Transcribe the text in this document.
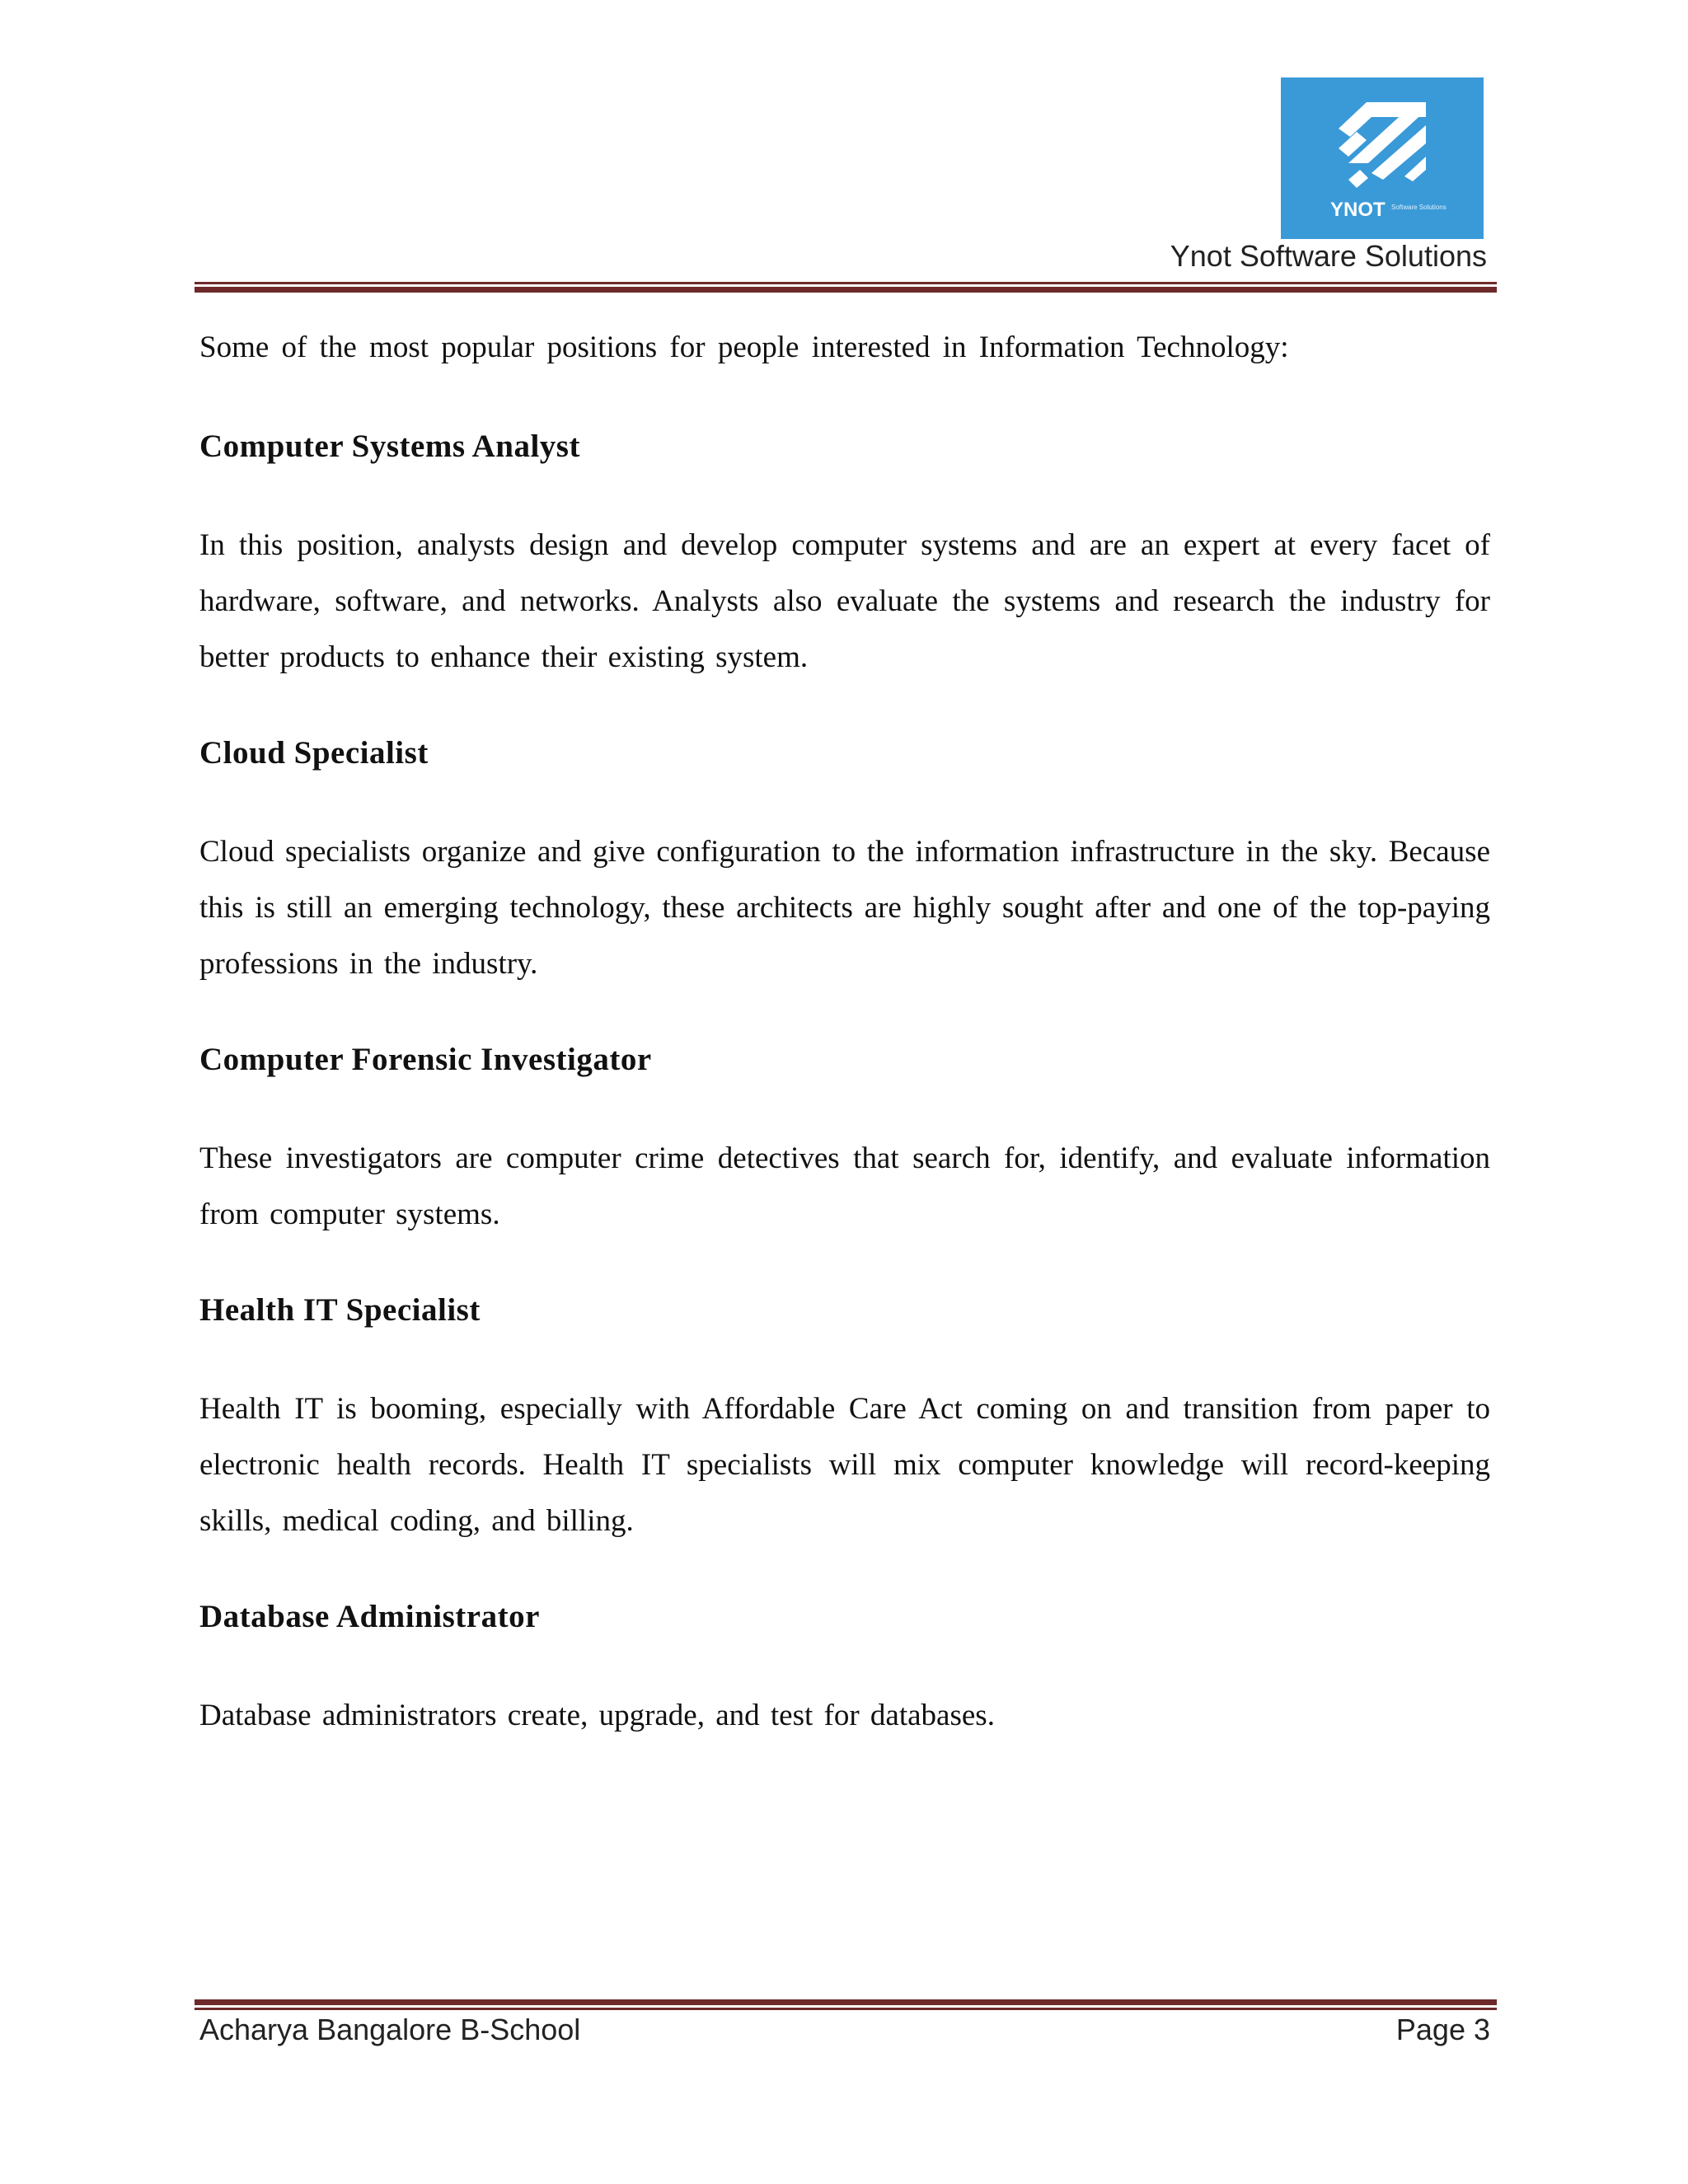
YNOT Software Solutions
Ynot Software Solutions

Some of the most popular positions for people interested in Information Technology:

Computer Systems Analyst

In this position, analysts design and develop computer systems and are an expert at every facet of hardware, software, and networks. Analysts also evaluate the systems and research the industry for better products to enhance their existing system.

Cloud Specialist

Cloud specialists organize and give configuration to the information infrastructure in the sky. Because this is still an emerging technology, these architects are highly sought after and one of the top-paying professions in the industry.

Computer Forensic Investigator

These investigators are computer crime detectives that search for, identify, and evaluate information from computer systems.

Health IT Specialist

Health IT is booming, especially with Affordable Care Act coming on and transition from paper to electronic health records. Health IT specialists will mix computer knowledge will record-keeping skills, medical coding, and billing.

Database Administrator

Database administrators create, upgrade, and test for databases.

Acharya Bangalore B-School	Page 3
